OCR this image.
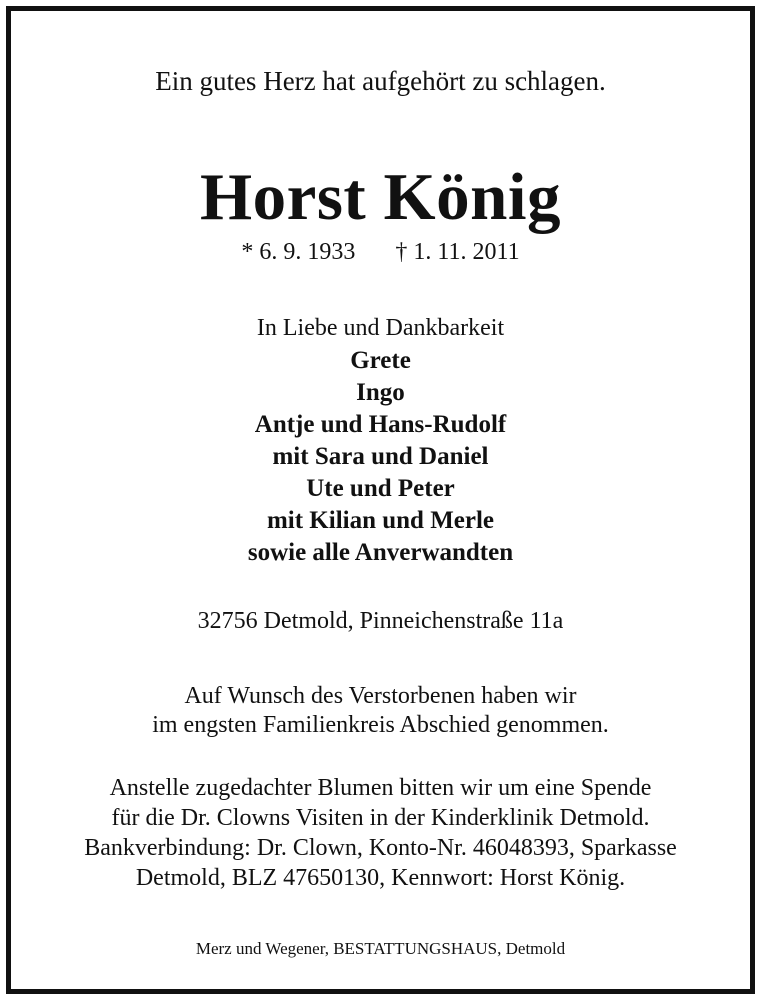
Ein gutes Herz hat aufgehört zu schlagen.
Horst König
* 6. 9. 1933 † 1. 11. 2011
In Liebe und Dankbarkeit
Grete
Ingo
Antje und Hans-Rudolf
mit Sara und Daniel
Ute und Peter
mit Kilian und Merle
sowie alle Anverwandten
32756 Detmold, Pinneichenstraße 11a
Auf Wunsch des Verstorbenen haben wir
im engsten Familienkreis Abschied genommen.
Anstelle zugedachter Blumen bitten wir um eine Spende
für die Dr. Clowns Visiten in der Kinderklinik Detmold.
Bankverbindung: Dr. Clown, Konto-Nr. 46048393, Sparkasse
Detmold, BLZ 47650130, Kennwort: Horst König.
Merz und Wegener, BESTATTUNGSHAUS, Detmold
